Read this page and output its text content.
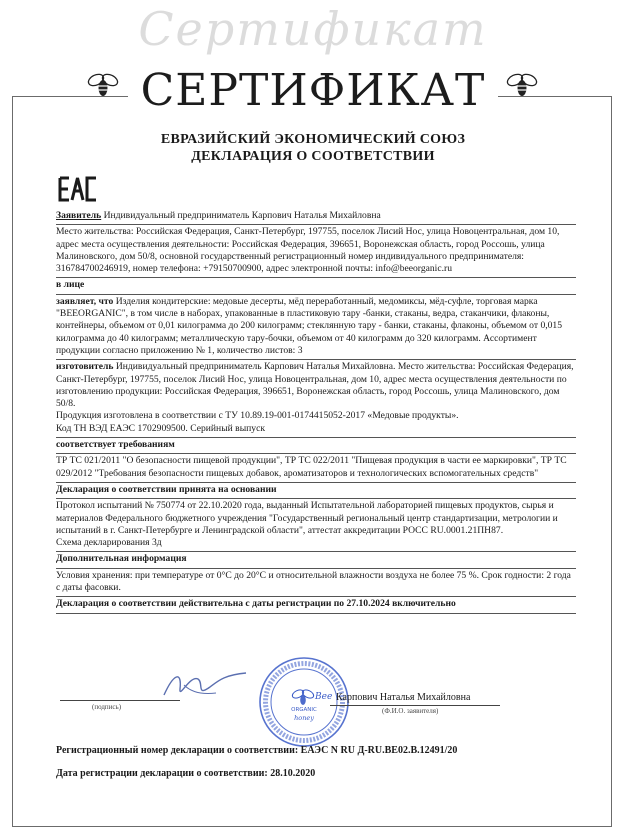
Сертификат
СЕРТИФИКАТ
ЕВРАЗИЙСКИЙ ЭКОНОМИЧЕСКИЙ СОЮЗ
ДЕКЛАРАЦИЯ О СООТВЕТСТВИИ

Заявитель Индивидуальный предприниматель Карпович Наталья Михайловна

Место жительства: Российская Федерация, Санкт-Петербург, 197755, поселок Лисий Нос, улица Новоцентральная, дом 10, адрес места осуществления деятельности: Российская Федерация, 396651, Воронежская область, город Россошь, улица Малиновского, дом 50/8, основной государственный регистрационный номер индивидуального предпринимателя: 316784700246919, номер телефона: +79150700900, адрес электронной почты: info@beeorganic.ru

в лице

заявляет, что Изделия кондитерские: медовые десерты, мёд переработанный, медомиксы, мёд-суфле, торговая марка "BEEORGANIC", в том числе в наборах, упакованные в пластиковую тару -банки, стаканы, ведра, стаканчики, флаконы, контейнеры, объемом от 0,01 килограмма до 200 килограмм; стеклянную тару - банки, стаканы, флаконы, объемом от 0,015 килограмма до 40 килограмм; металлическую тару-бочки, объемом от 40 килограмм до 320 килограмм. Ассортимент продукции согласно приложению № 1, количество листов: 3

изготовитель Индивидуальный предприниматель Карпович Наталья Михайловна. Место жительства: Российская Федерация, Санкт-Петербург, 197755, поселок Лисий Нос, улица Новоцентральная, дом 10, адрес места осуществления деятельности по изготовлению продукции: Российская Федерация, 396651, Воронежская область, город Россошь, улица Малиновского, дом 50/8.

Продукция изготовлена в соответствии с ТУ 10.89.19-001-0174415052-2017 «Медовые продукты».

Код ТН ВЭД ЕАЭС 1702909500. Серийный выпуск

соответствует требованиям

ТР ТС 021/2011 "О безопасности пищевой продукции", ТР ТС 022/2011 "Пищевая продукция в части ее маркировки", ТР ТС 029/2012 "Требования безопасности пищевых добавок, ароматизаторов и технологических вспомогательных средств"

Декларация о соответствии принята на основании

Протокол испытаний № 750774 от 22.10.2020 года, выданный Испытательной лабораторией пищевых продуктов, сырья и материалов Федерального бюджетного учреждения "Государственный региональный центр стандартизации, метрологии и испытаний в г. Санкт-Петербурге и Ленинградской области", аттестат аккредитации РОСС RU.0001.21ПН87.

Схема декларирования 3д

Дополнительная информация

Условия хранения: при температуре от 0°С до 20°С и относительной влажности воздуха не более 75 %. Срок годности: 2 года с даты фасовки.

Декларация о соответствии действительна с даты регистрации по 27.10.2024 включительно

(подпись)
Bee
ORGANIC
honey
Карпович Наталья Михайловна
(Ф.И.О. заявителя)
Регистрационный номер декларации о соответствии: ЕАЭС N RU Д-RU.BE02.B.12491/20
Дата регистрации декларации о соответствии: 28.10.2020
